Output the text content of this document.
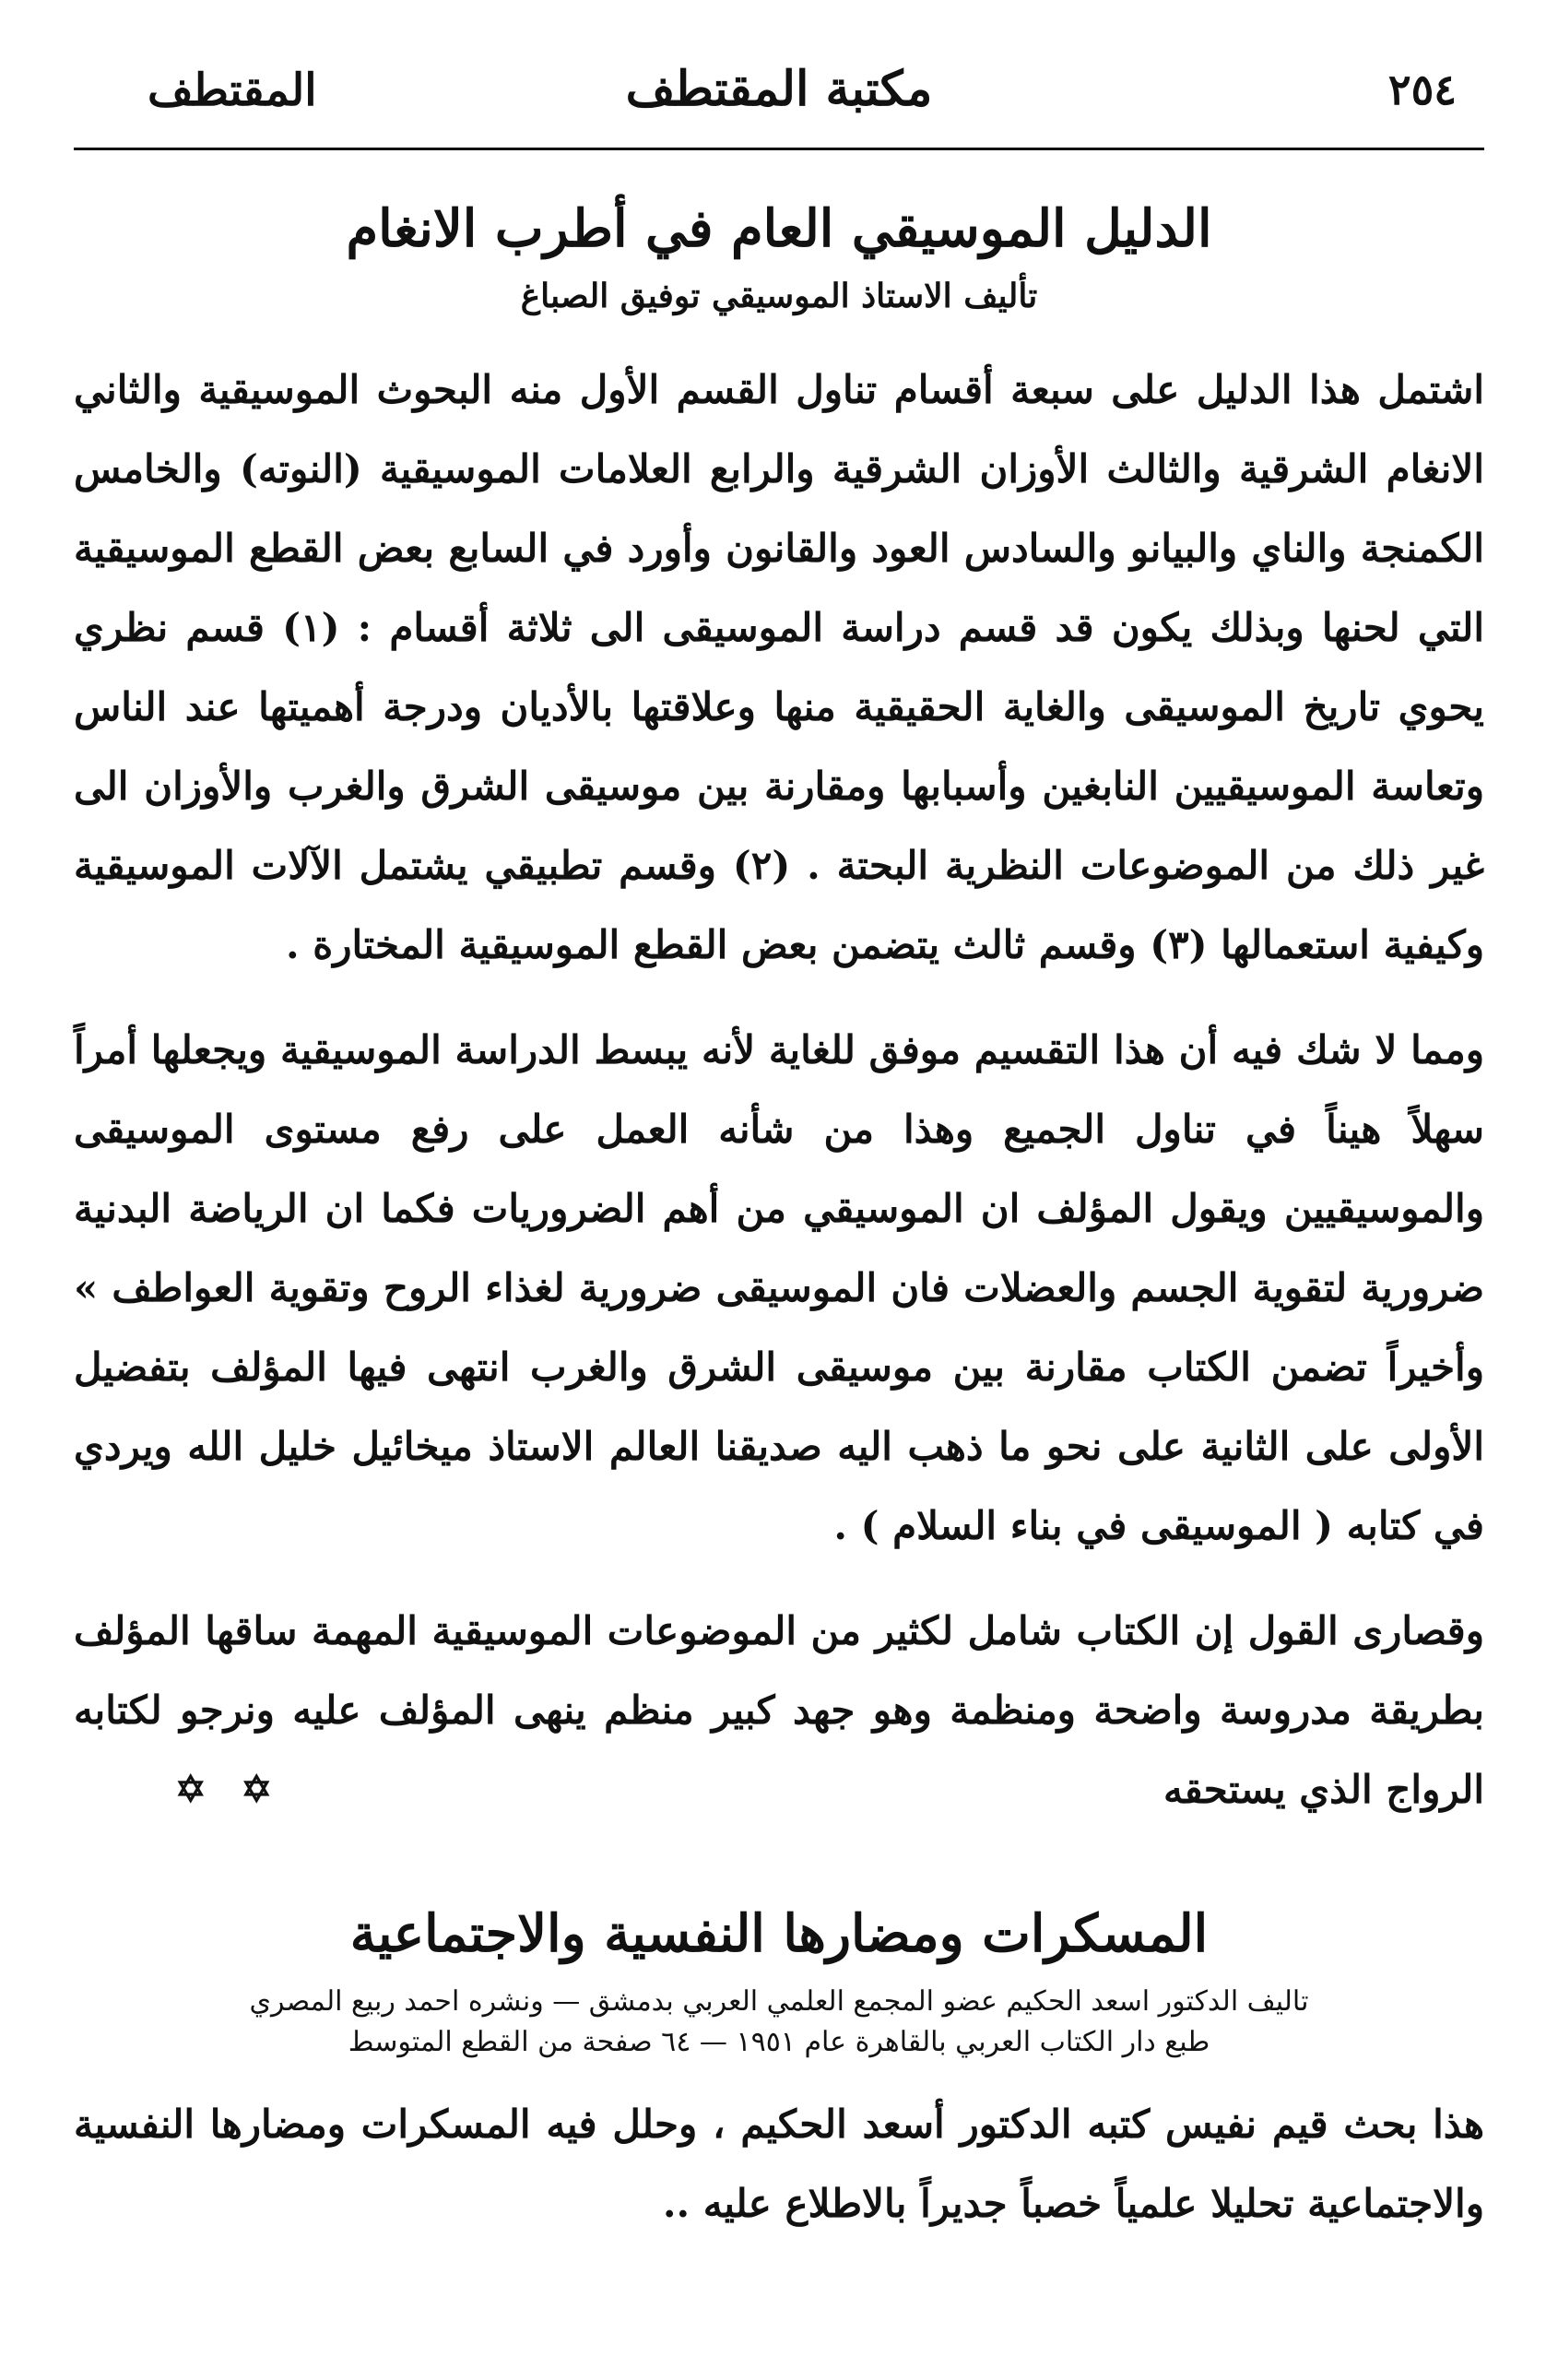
٢٥٤
مكتبة المقتطف
المقتطف
الدليل الموسيقي العام في أطرب الانغام
تأليف الاستاذ الموسيقي توفيق الصباغ

اشتمل هذا الدليل على سبعة أقسام تناول القسم الأول منه البحوث الموسيقية والثاني الانغام الشرقية والثالث الأوزان الشرقية والرابع العلامات الموسيقية (النوته) والخامس الكمنجة والناي والبيانو والسادس العود والقانون وأورد في السابع بعض القطع الموسيقية التي لحنها وبذلك يكون قد قسم دراسة الموسيقى الى ثلاثة أقسام : (١) قسم نظري يحوي تاريخ الموسيقى والغاية الحقيقية منها وعلاقتها بالأديان ودرجة أهميتها عند الناس وتعاسة الموسيقيين النابغين وأسبابها ومقارنة بين موسيقى الشرق والغرب والأوزان الى غير ذلك من الموضوعات النظرية البحتة . (٢) وقسم تطبيقي يشتمل الآلات الموسيقية وكيفية استعمالها (٣) وقسم ثالث يتضمن بعض القطع الموسيقية المختارة .

ومما لا شك فيه أن هذا التقسيم موفق للغاية لأنه يبسط الدراسة الموسيقية ويجعلها أمراً سهلاً هيناً في تناول الجميع وهذا من شأنه العمل على رفع مستوى الموسيقى والموسيقيين ويقول المؤلف ان الموسيقي من أهم الضروريات فكما ان الرياضة البدنية ضرورية لتقوية الجسم والعضلات فان الموسيقى ضرورية لغذاء الروح وتقوية العواطف » وأخيراً تضمن الكتاب مقارنة بين موسيقى الشرق والغرب انتهى فيها المؤلف بتفضيل الأولى على الثانية على نحو ما ذهب اليه صديقنا العالم الاستاذ ميخائيل خليل الله ويردي في كتابه ( الموسيقى في بناء السلام ) .

وقصارى القول إن الكتاب شامل لكثير من الموضوعات الموسيقية المهمة ساقها المؤلف بطريقة مدروسة واضحة ومنظمة وهو جهد كبير منظم ينهى المؤلف عليه ونرجو لكتابه الرواج الذي يستحقه
✡ ✡

المسكرات ومضارها النفسية والاجتماعية
تاليف الدكتور اسعد الحكيم عضو المجمع العلمي العربي بدمشق — ونشره احمد ربيع المصري
طبع دار الكتاب العربي بالقاهرة عام ١٩٥١ — ٦٤ صفحة من القطع المتوسط

هذا بحث قيم نفيس كتبه الدكتور أسعد الحكيم ، وحلل فيه المسكرات ومضارها النفسية والاجتماعية تحليلا علمياً خصباً جديراً بالاطلاع عليه ..
